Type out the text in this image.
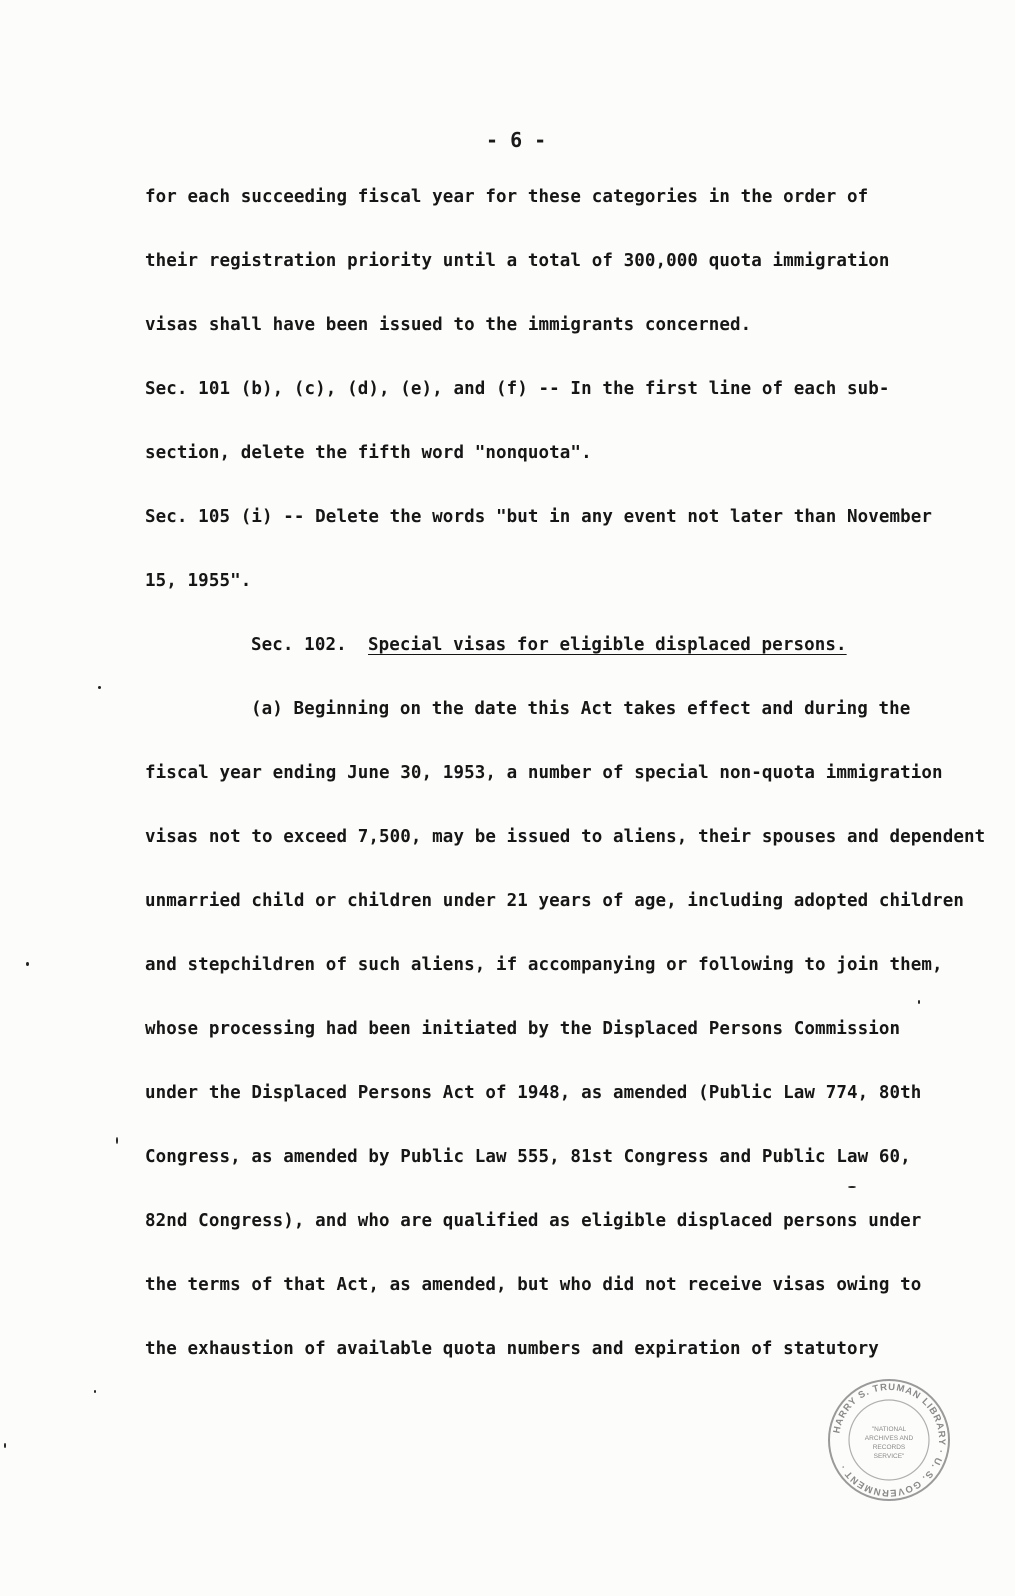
- 6 -
for each succeeding fiscal year for these categories in the order of
their registration priority until a total of 300,000 quota immigration
visas shall have been issued to the immigrants concerned.
Sec. 101 (b), (c), (d), (e), and (f) -- In the first line of each sub-
section, delete the fifth word "nonquota".
Sec. 105 (i) -- Delete the words "but in any event not later than November
15, 1955".
Sec. 102. Special visas for eligible displaced persons.
(a) Beginning on the date this Act takes effect and during the
fiscal year ending June 30, 1953, a number of special non-quota immigration
visas not to exceed 7,500, may be issued to aliens, their spouses and dependent
unmarried child or children under 21 years of age, including adopted children
and stepchildren of such aliens, if accompanying or following to join them,
whose processing had been initiated by the Displaced Persons Commission
under the Displaced Persons Act of 1948, as amended (Public Law 774, 80th
Congress, as amended by Public Law 555, 81st Congress and Public Law 60,
82nd Congress), and who are qualified as eligible displaced persons under
the terms of that Act, as amended, but who did not receive visas owing to
the exhaustion of available quota numbers and expiration of statutory
HARRY S. TRUMAN LIBRARY · U. S. GOVERNMENT ·
"NATIONAL
ARCHIVES AND
RECORDS
SERVICE"
